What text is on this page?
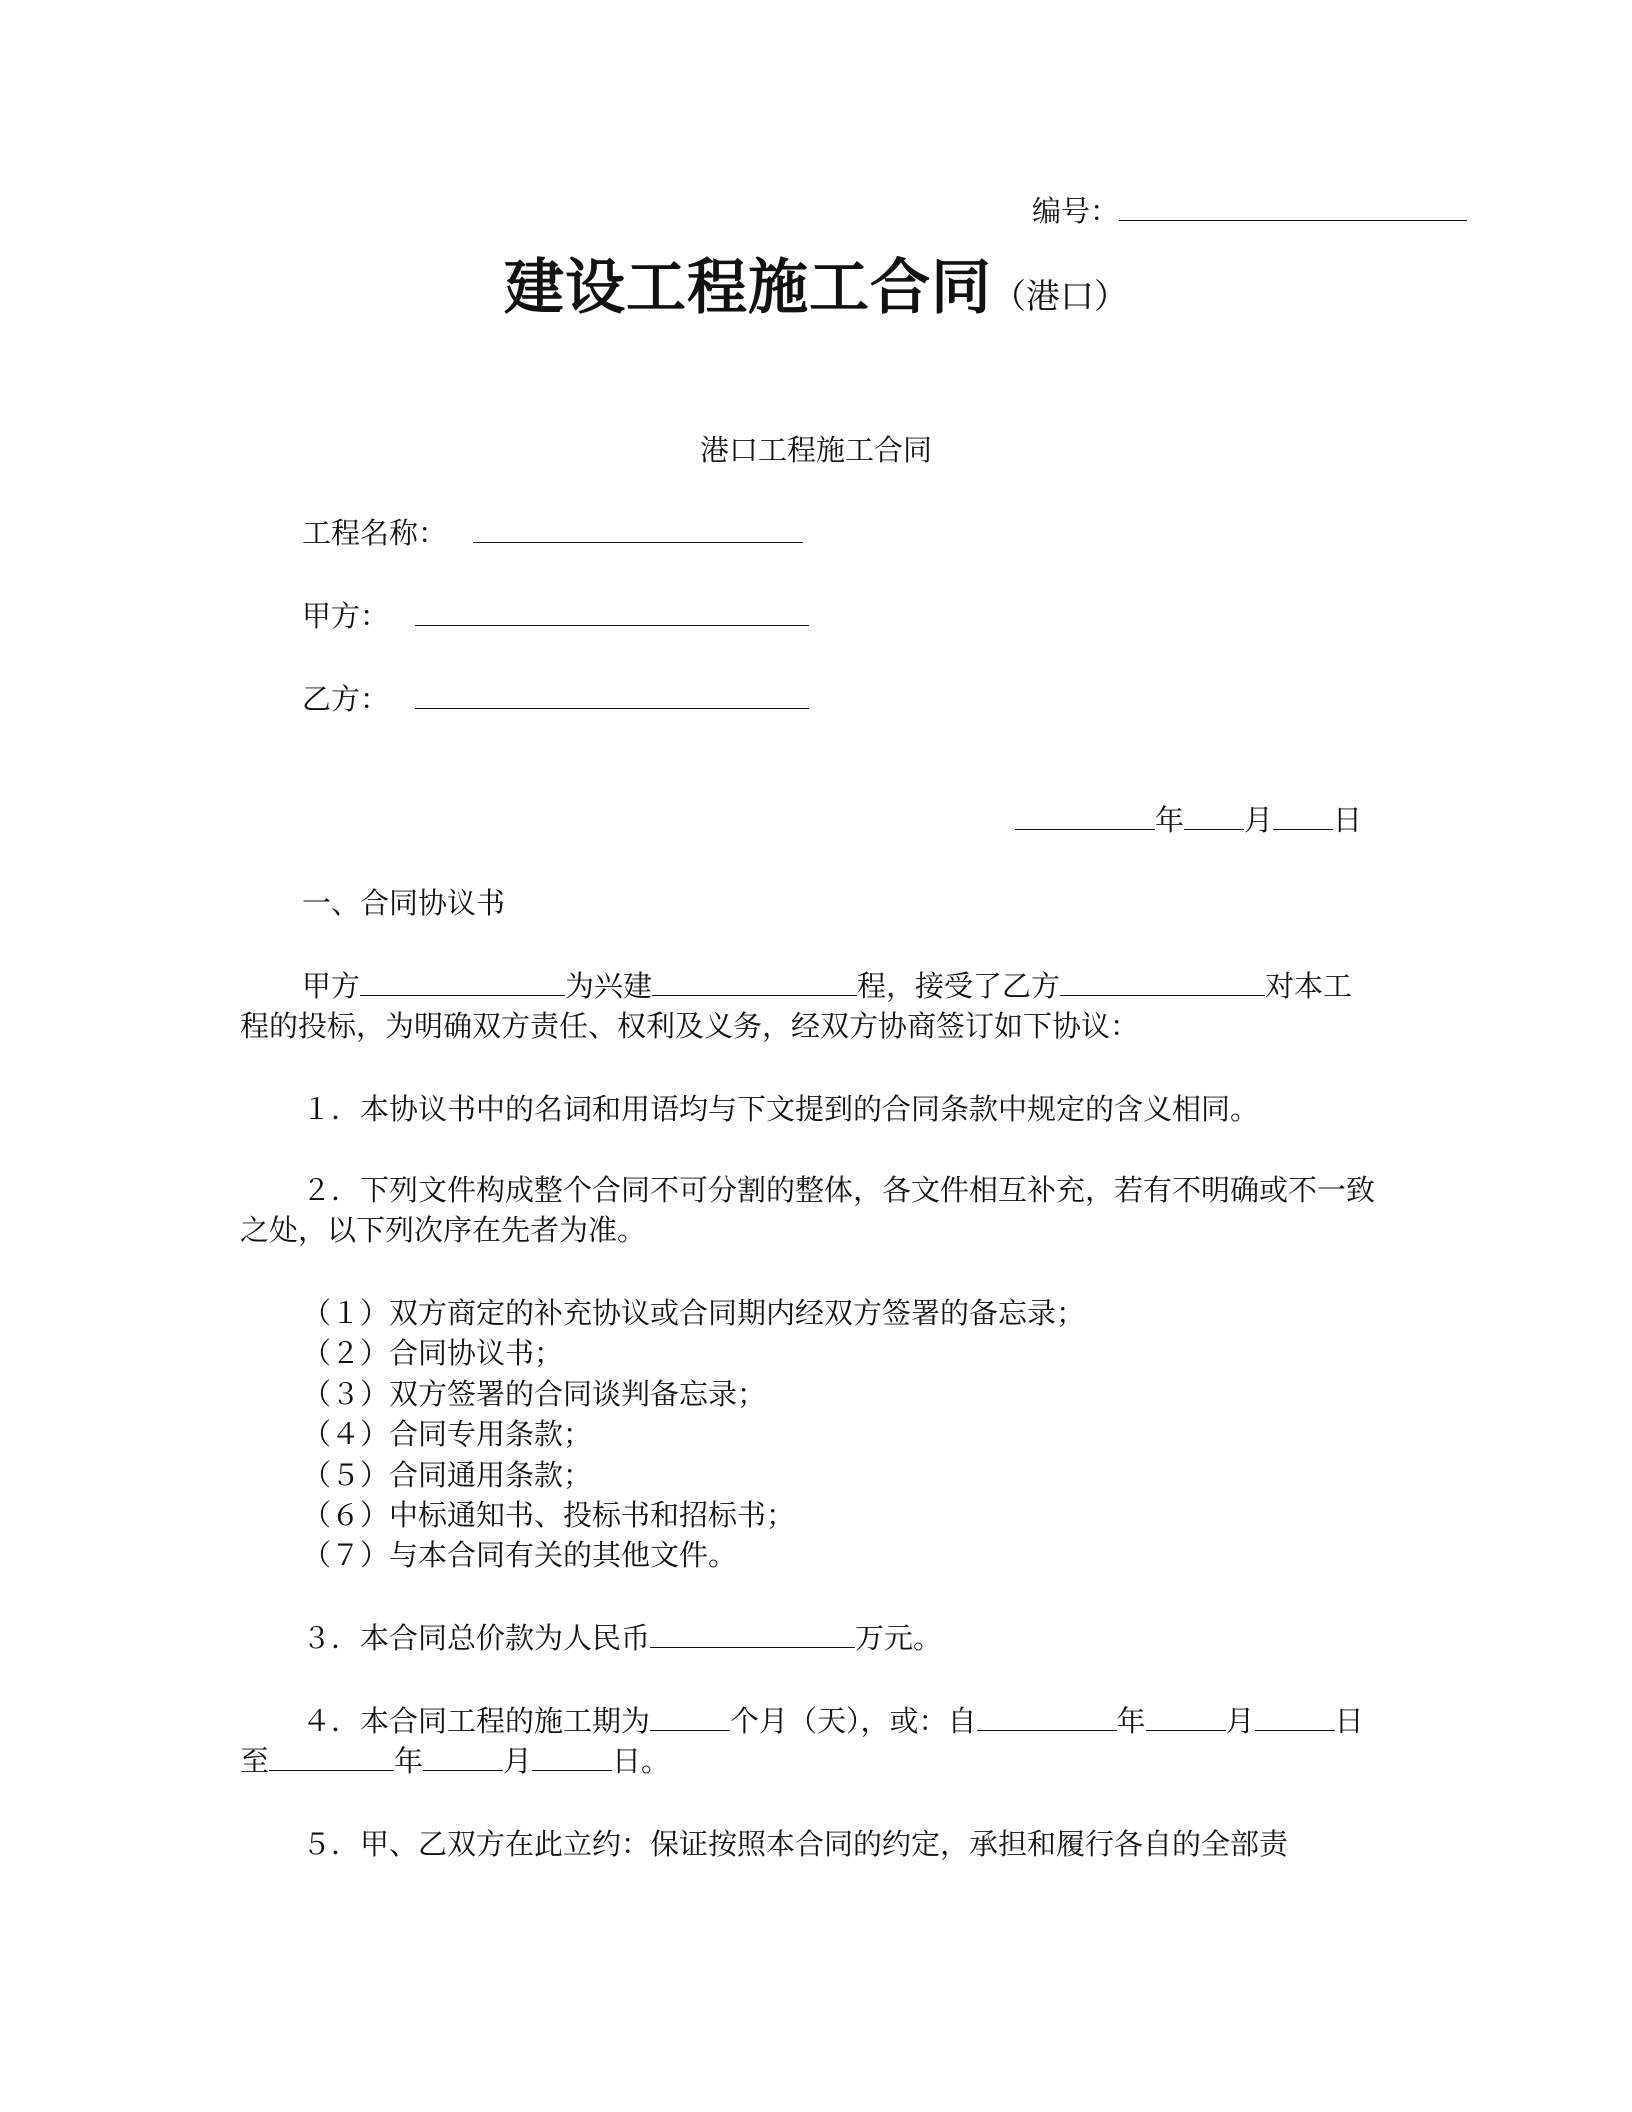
编号：
建设工程施工合同（港口）
港口工程施工合同
工程名称：
甲方：
乙方：
年 月 日
一、合同协议书
甲方	为兴建	程，接受了乙方	对本工程的投标，为明确双方责任、权利及义务，经双方协商签订如下协议：
１．本协议书中的名词和用语均与下文提到的合同条款中规定的含义相同。
２．下列文件构成整个合同不可分割的整体，各文件相互补充，若有不明确或不一致之处，以下列次序在先者为准。
（１）双方商定的补充协议或合同期内经双方签署的备忘录；
（２）合同协议书；
（３）双方签署的合同谈判备忘录；
（４）合同专用条款；
（５）合同通用条款；
（６）中标通知书、投标书和招标书；
（７）与本合同有关的其他文件。
３．本合同总价款为人民币	万元。
４．本合同工程的施工期为	个月（天），或：自	年	月	日至	年	月	日。
５．甲、乙双方在此立约：保证按照本合同的约定，承担和履行各自的全部责
